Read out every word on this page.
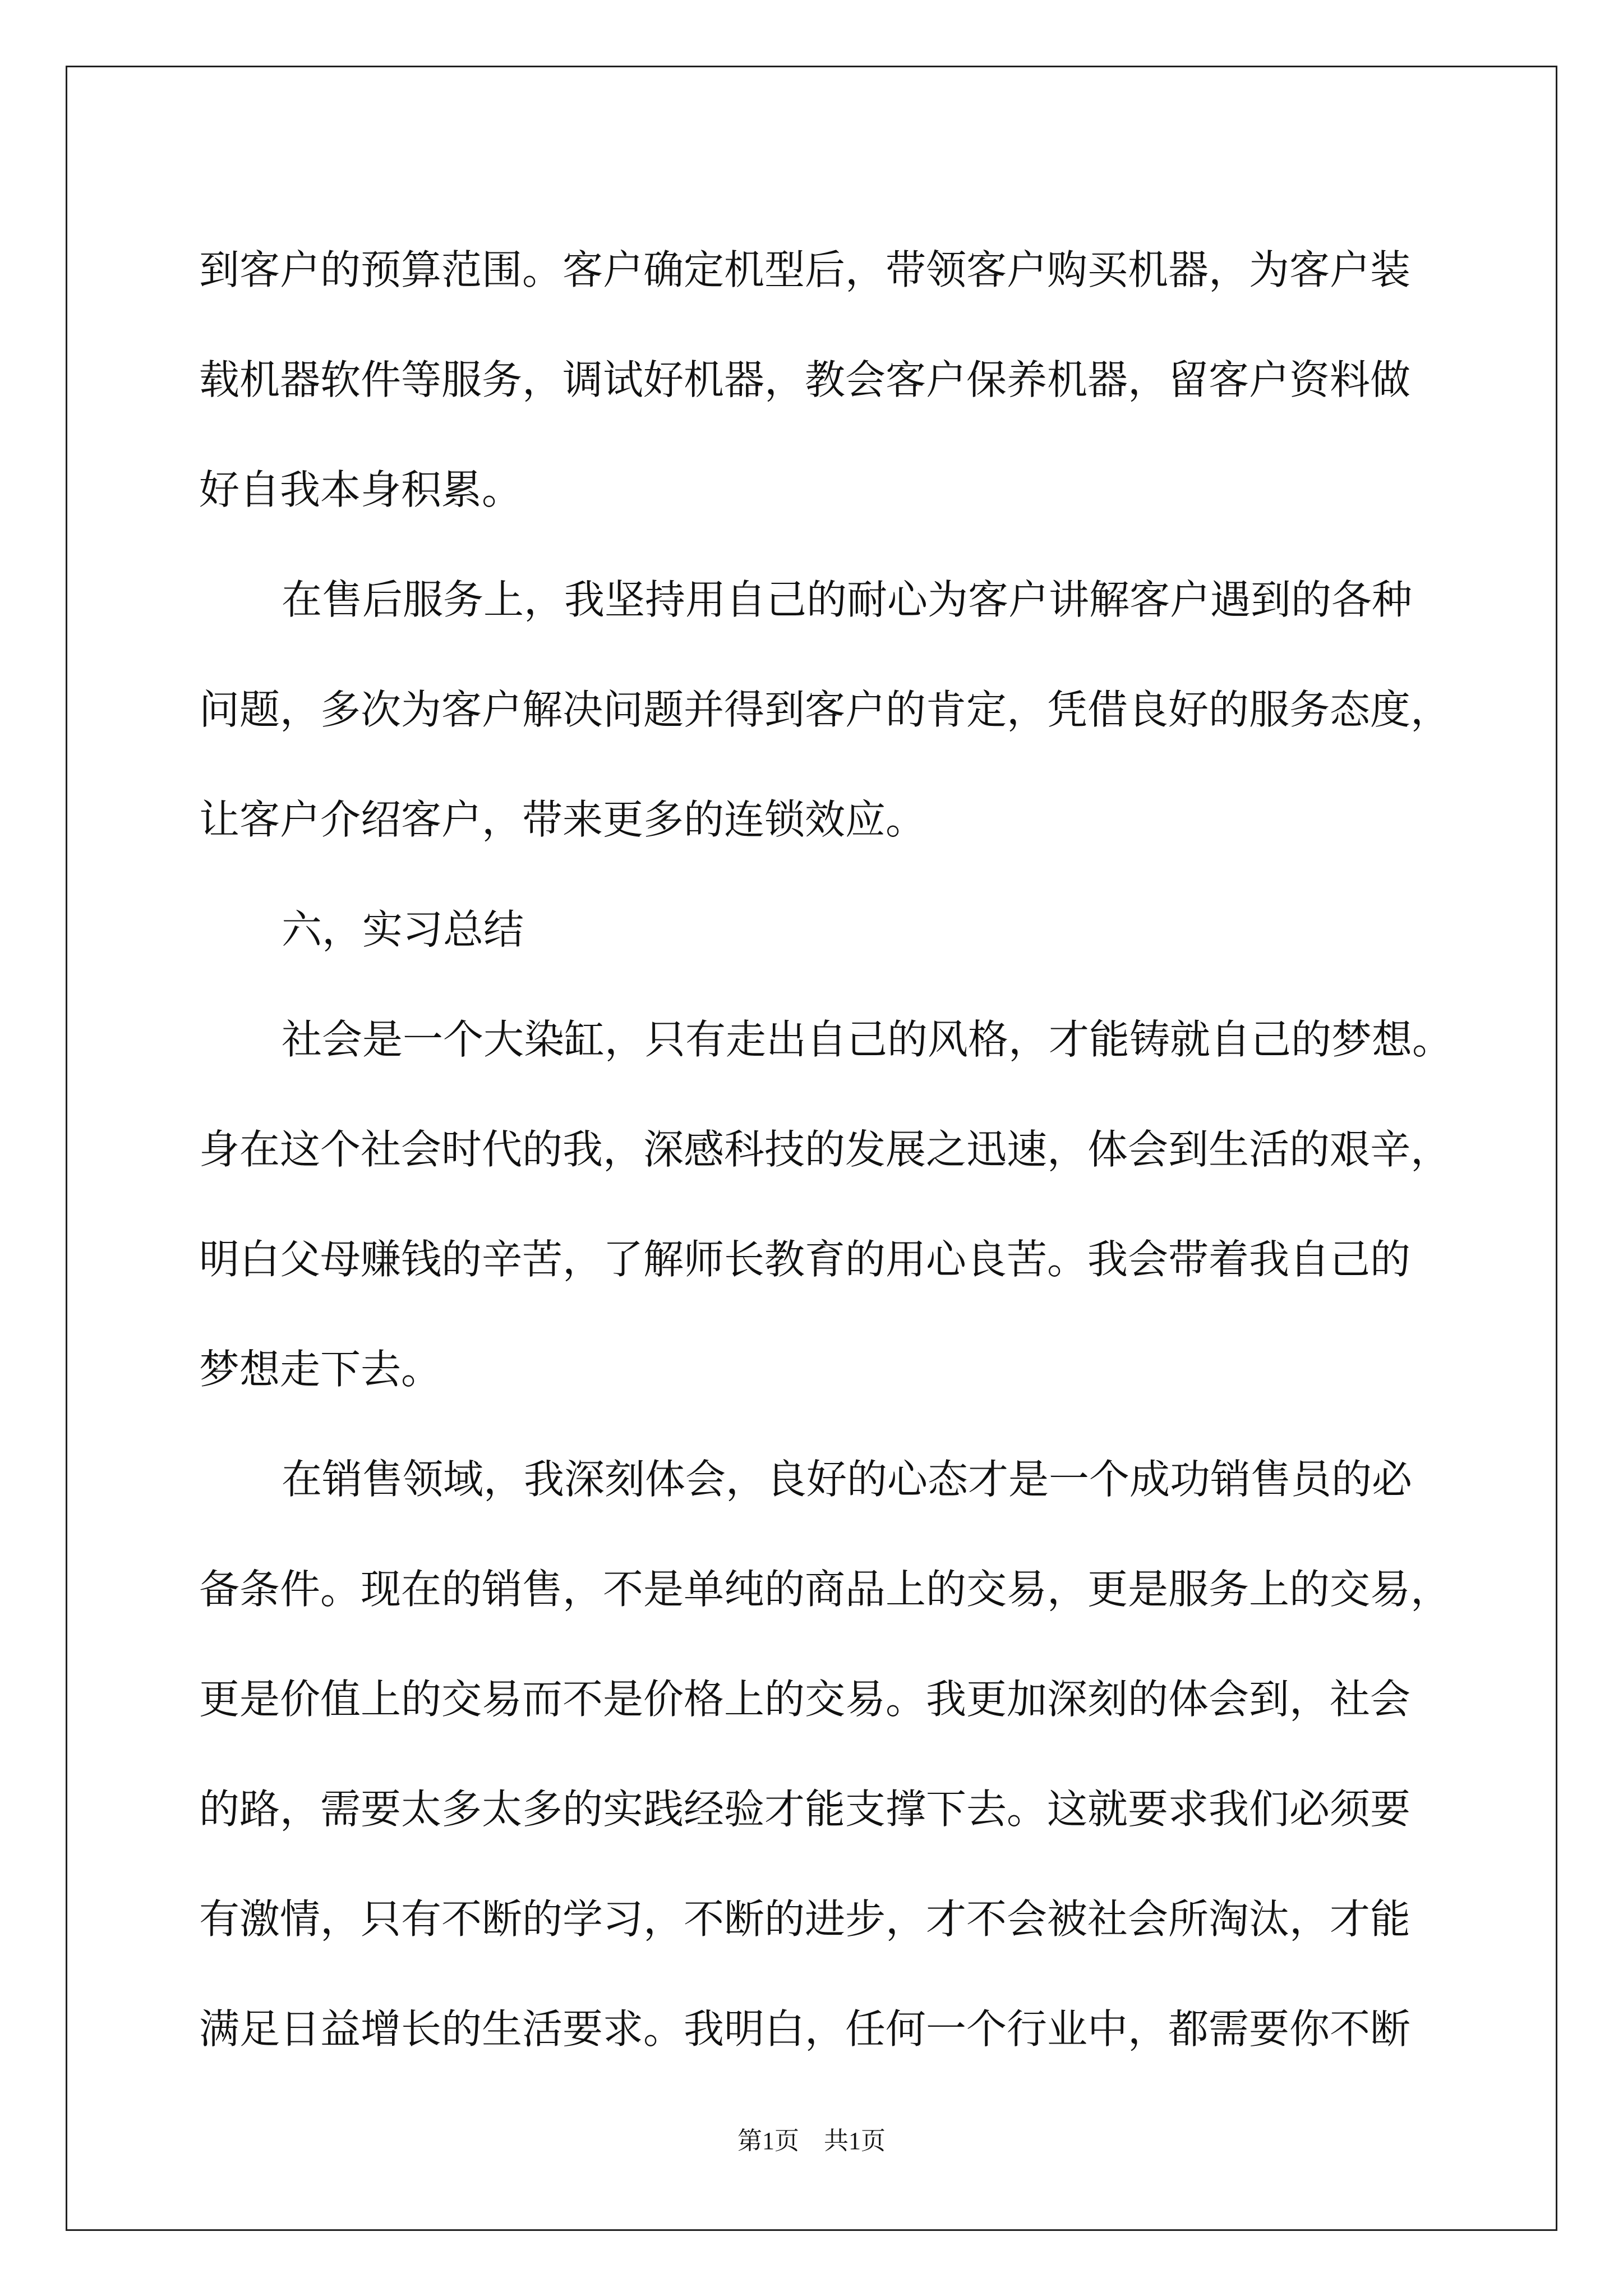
到客户的预算范围。客户确定机型后，带领客户购买机器，为客户装
载机器软件等服务，调试好机器，教会客户保养机器，留客户资料做
好自我本身积累。
在售后服务上，我坚持用自己的耐心为客户讲解客户遇到的各种
问题，多次为客户解决问题并得到客户的肯定，凭借良好的服务态度，
让客户介绍客户，带来更多的连锁效应。
六，实习总结
社会是一个大染缸，只有走出自己的风格，才能铸就自己的梦想。
身在这个社会时代的我，深感科技的发展之迅速，体会到生活的艰辛，
明白父母赚钱的辛苦，了解师长教育的用心良苦。我会带着我自己的
梦想走下去。
在销售领域，我深刻体会，良好的心态才是一个成功销售员的必
备条件。现在的销售，不是单纯的商品上的交易，更是服务上的交易，
更是价值上的交易而不是价格上的交易。我更加深刻的体会到，社会
的路，需要太多太多的实践经验才能支撑下去。这就要求我们必须要
有激情，只有不断的学习，不断的进步，才不会被社会所淘汰，才能
满足日益增长的生活要求。我明白，任何一个行业中，都需要你不断
第1页　共1页
